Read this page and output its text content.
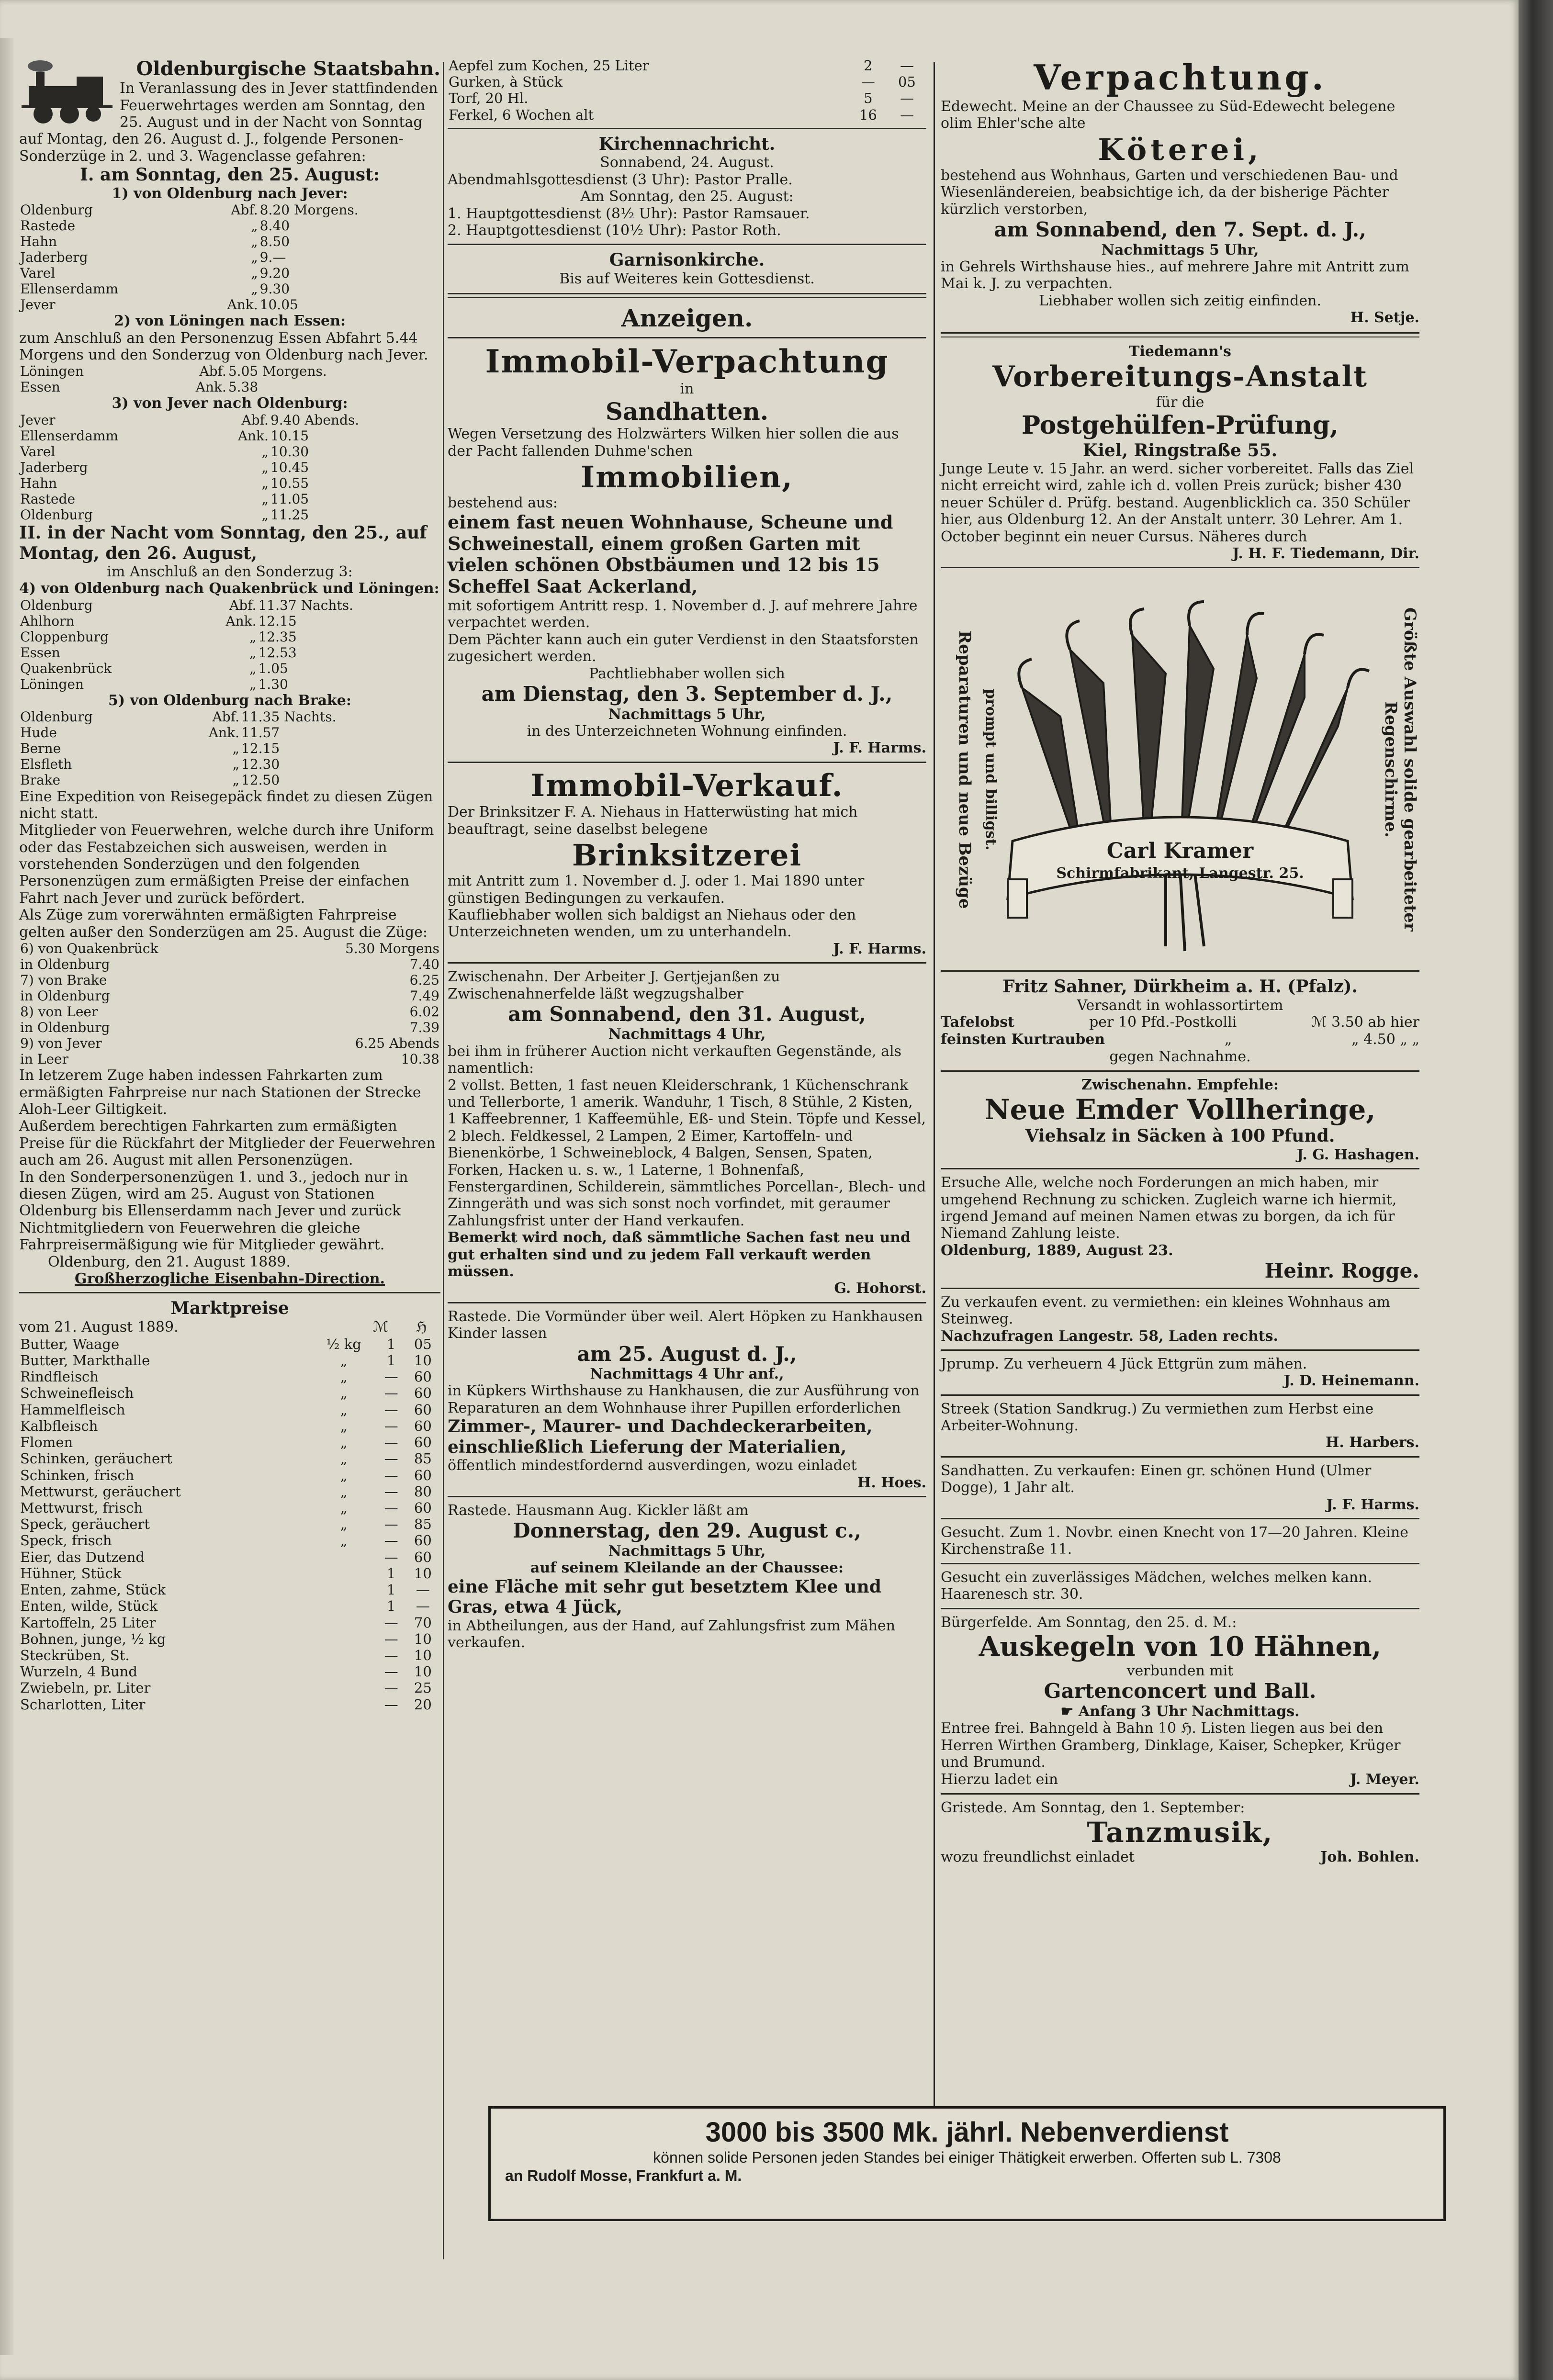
Oldenburgische Staatsbahn.

In Veranlassung des in Jever stattfindenden Feuerwehrtages werden am Sonntag, den 25. August und in der Nacht von Sonntag auf Montag, den 26. August d. J., folgende Personen-Sonderzüge in 2. und 3. Wagenclasse gefahren:

I. am Sonntag, den 25. August:

1) von Oldenburg nach Jever:

Oldenburg	Abf.	8.20 Morgens.
Rastede	„	8.40
Hahn	„	8.50
Jaderberg	„	9.—
Varel	„	9.20
Ellenserdamm	„	9.30
Jever	Ank.	10.05

2) von Löningen nach Essen:

zum Anschluß an den Personenzug Essen Abfahrt 5.44 Morgens und den Sonderzug von Oldenburg nach Jever.

Löningen	Abf.	5.05 Morgens.
Essen	Ank.	5.38

3) von Jever nach Oldenburg:

Jever	Abf.	9.40 Abends.
Ellenserdamm	Ank.	10.15
Varel	„	10.30
Jaderberg	„	10.45
Hahn	„	10.55
Rastede	„	11.05
Oldenburg	„	11.25

II. in der Nacht vom Sonntag, den 25., auf Montag, den 26. August,

im Anschluß an den Sonderzug 3:

4) von Oldenburg nach Quakenbrück und Löningen:

Oldenburg	Abf.	11.37 Nachts.
Ahlhorn	Ank.	12.15
Cloppenburg	„	12.35
Essen	„	12.53
Quakenbrück	„	1.05
Löningen	„	1.30

5) von Oldenburg nach Brake:

Oldenburg	Abf.	11.35 Nachts.
Hude	Ank.	11.57
Berne	„	12.15
Elsfleth	„	12.30
Brake	„	12.50

Eine Expedition von Reisegepäck findet zu diesen Zügen nicht statt.

Mitglieder von Feuerwehren, welche durch ihre Uniform oder das Festabzeichen sich ausweisen, werden in vorstehenden Sonderzügen und den folgenden Personenzügen zum ermäßigten Preise der einfachen Fahrt nach Jever und zurück befördert.

Als Züge zum vorerwähnten ermäßigten Fahrpreise gelten außer den Sonderzügen am 25. August die Züge:

6) von Quakenbrück	5.30 Morgens
in Oldenburg	7.40
7) von Brake	6.25
in Oldenburg	7.49
8) von Leer	6.02
in Oldenburg	7.39
9) von Jever	6.25 Abends
in Leer	10.38

In letzerem Zuge haben indessen Fahrkarten zum ermäßigten Fahrpreise nur nach Stationen der Strecke Aloh-Leer Giltigkeit.

Außerdem berechtigen Fahrkarten zum ermäßigten Preise für die Rückfahrt der Mitglieder der Feuerwehren auch am 26. August mit allen Personenzügen.

In den Sonderpersonenzügen 1. und 3., jedoch nur in diesen Zügen, wird am 25. August von Stationen Oldenburg bis Ellenserdamm nach Jever und zurück Nichtmitgliedern von Feuerwehren die gleiche Fahrpreisermäßigung wie für Mitglieder gewährt.

Oldenburg, den 21. August 1889.

Großherzogliche Eisenbahn-Direction.

Marktpreise

vom 21. August 1889.	ℳ ℌ
Butter, Waage	½ kg	1	05
Butter, Markthalle	„	1	10
Rindfleisch	„	—	60
Schweinefleisch	„	—	60
Hammelfleisch	„	—	60
Kalbfleisch	„	—	60
Flomen	„	—	60
Schinken, geräuchert	„	—	85
Schinken, frisch	„	—	60
Mettwurst, geräuchert	„	—	80
Mettwurst, frisch	„	—	60
Speck, geräuchert	„	—	85
Speck, frisch	„	—	60
Eier, das Dutzend		—	60
Hühner, Stück		1	10
Enten, zahme, Stück		1	—
Enten, wilde, Stück		1	—
Kartoffeln, 25 Liter		—	70
Bohnen, junge, ½ kg		—	10
Steckrüben, St.		—	10
Wurzeln, 4 Bund		—	10
Zwiebeln, pr. Liter		—	25
Scharlotten, Liter		—	20
Aepfel zum Kochen, 25 Liter	2	—
Gurken, à Stück	—	05
Torf, 20 Hl.	5	—
Ferkel, 6 Wochen alt	16	—

Kirchennachricht.

Sonnabend, 24. August.

Abendmahlsgottesdienst (3 Uhr): Pastor Pralle.

Am Sonntag, den 25. August:

1. Hauptgottesdienst (8½ Uhr): Pastor Ramsauer.

2. Hauptgottesdienst (10½ Uhr): Pastor Roth.

Garnisonkirche.

Bis auf Weiteres kein Gottesdienst.

Anzeigen.

Immobil-Verpachtung

in

Sandhatten.

Wegen Versetzung des Holzwärters Wilken hier sollen die aus der Pacht fallenden Duhme'schen

Immobilien,

bestehend aus:

einem fast neuen Wohnhause, Scheune und Schweinestall, einem großen Garten mit vielen schönen Obstbäumen und 12 bis 15 Scheffel Saat Ackerland,

mit sofortigem Antritt resp. 1. November d. J. auf mehrere Jahre verpachtet werden.

Dem Pächter kann auch ein guter Verdienst in den Staatsforsten zugesichert werden.

Pachtliebhaber wollen sich

am Dienstag, den 3. September d. J.,

Nachmittags 5 Uhr,

in des Unterzeichneten Wohnung einfinden.

J. F. Harms.

Immobil-Verkauf.

Der Brinksitzer F. A. Niehaus in Hatterwüsting hat mich beauftragt, seine daselbst belegene

Brinksitzerei

mit Antritt zum 1. November d. J. oder 1. Mai 1890 unter günstigen Bedingungen zu verkaufen.

Kaufliebhaber wollen sich baldigst an Niehaus oder den Unterzeichneten wenden, um zu unterhandeln.

J. F. Harms.

Zwischenahn. Der Arbeiter J. Gertjejanßen zu Zwischenahnerfelde läßt wegzugshalber

am Sonnabend, den 31. August,

Nachmittags 4 Uhr,

bei ihm in früherer Auction nicht verkauften Gegenstände, als namentlich:

2 vollst. Betten, 1 fast neuen Kleiderschrank, 1 Küchenschrank und Tellerborte, 1 amerik. Wanduhr, 1 Tisch, 8 Stühle, 2 Kisten, 1 Kaffeebrenner, 1 Kaffeemühle, Eß- und Stein. Töpfe und Kessel, 2 blech. Feldkessel, 2 Lampen, 2 Eimer, Kartoffeln- und Bienenkörbe, 1 Schweineblock, 4 Balgen, Sensen, Spaten, Forken, Hacken u. s. w., 1 Laterne, 1 Bohnenfaß, Fenstergardinen, Schilderein, sämmtliches Porcellan-, Blech- und Zinngeräth und was sich sonst noch vorfindet, mit geraumer Zahlungsfrist unter der Hand verkaufen.

Bemerkt wird noch, daß sämmtliche Sachen fast neu und gut erhalten sind und zu jedem Fall verkauft werden müssen.

G. Hohorst.

Rastede. Die Vormünder über weil. Alert Höpken zu Hankhausen Kinder lassen

am 25. August d. J.,

Nachmittags 4 Uhr anf.,

in Küpkers Wirthshause zu Hankhausen, die zur Ausführung von Reparaturen an dem Wohnhause ihrer Pupillen erforderlichen

Zimmer-, Maurer- und Dachdeckerarbeiten, einschließlich Lieferung der Materialien,

öffentlich mindestfordernd ausverdingen, wozu einladet

H. Hoes.

Rastede. Hausmann Aug. Kickler läßt am

Donnerstag, den 29. August c.,

Nachmittags 5 Uhr,

auf seinem Kleilande an der Chaussee:

eine Fläche mit sehr gut besetztem Klee und Gras, etwa 4 Jück,

in Abtheilungen, aus der Hand, auf Zahlungsfrist zum Mähen verkaufen.

Verpachtung.

Edewecht. Meine an der Chaussee zu Süd-Edewecht belegene olim Ehler'sche alte

Köterei,

bestehend aus Wohnhaus, Garten und verschiedenen Bau- und Wiesenländereien, beabsichtige ich, da der bisherige Pächter kürzlich verstorben,

am Sonnabend, den 7. Sept. d. J.,

Nachmittags 5 Uhr,

in Gehrels Wirthshause hies., auf mehrere Jahre mit Antritt zum Mai k. J. zu verpachten.

Liebhaber wollen sich zeitig einfinden.

H. Setje.

Tiedemann's

Vorbereitungs-Anstalt

für die

Postgehülfen-Prüfung,

Kiel, Ringstraße 55.

Junge Leute v. 15 Jahr. an werd. sicher vorbereitet. Falls das Ziel nicht erreicht wird, zahle ich d. vollen Preis zurück; bisher 430 neuer Schüler d. Prüfg. bestand. Augenblicklich ca. 350 Schüler hier, aus Oldenburg 12. An der Anstalt unterr. 30 Lehrer. Am 1. October beginnt ein neuer Cursus. Näheres durch

J. H. F. Tiedemann, Dir.

Reparaturen und neue Bezüge prompt und billigst.	Größte Auswahl solide gearbeiteter Regenschirme.

Carl Kramer

Schirmfabrikant, Langestr. 25.

Fritz Sahner, Dürkheim a. H. (Pfalz).

Versandt in wohlassortirtem

Tafelobst	per 10 Pfd.-Postkolli	ℳ 3.50 ab hier
feinsten Kurtrauben	„	„ 4.50 „ „

gegen Nachnahme.

Zwischenahn. Empfehle:

Neue Emder Vollheringe,

Viehsalz in Säcken à 100 Pfund.

J. G. Hashagen.

Ersuche Alle, welche noch Forderungen an mich haben, mir umgehend Rechnung zu schicken. Zugleich warne ich hiermit, irgend Jemand auf meinen Namen etwas zu borgen, da ich für Niemand Zahlung leiste.

Oldenburg, 1889, August 23.

Heinr. Rogge.

Zu verkaufen event. zu vermiethen: ein kleines Wohnhaus am Steinweg.

Nachzufragen Langestr. 58, Laden rechts.

Jprump. Zu verheuern 4 Jück Ettgrün zum mähen.

J. D. Heinemann.

Streek (Station Sandkrug.) Zu vermiethen zum Herbst eine Arbeiter-Wohnung.

H. Harbers.

Sandhatten. Zu verkaufen: Einen gr. schönen Hund (Ulmer Dogge), 1 Jahr alt.

J. F. Harms.

Gesucht. Zum 1. Novbr. einen Knecht von 17—20 Jahren. Kleine Kirchenstraße 11.

Gesucht ein zuverlässiges Mädchen, welches melken kann. Haarenesch str. 30.

Bürgerfelde. Am Sonntag, den 25. d. M.:

Auskegeln von 10 Hähnen,

verbunden mit

Gartenconcert und Ball.

☛ Anfang 3 Uhr Nachmittags.

Entree frei. Bahngeld à Bahn 10 ℌ. Listen liegen aus bei den Herren Wirthen Gramberg, Dinklage, Kaiser, Schepker, Krüger und Brumund.

Hierzu ladet ein	J. Meyer.

Gristede. Am Sonntag, den 1. September:

Tanzmusik,

wozu freundlichst einladet	Joh. Bohlen.

3000 bis 3500 Mk. jährl. Nebenverdienst

können solide Personen jeden Standes bei einiger Thätigkeit erwerben. Offerten sub L. 7308

an Rudolf Mosse, Frankfurt a. M.
